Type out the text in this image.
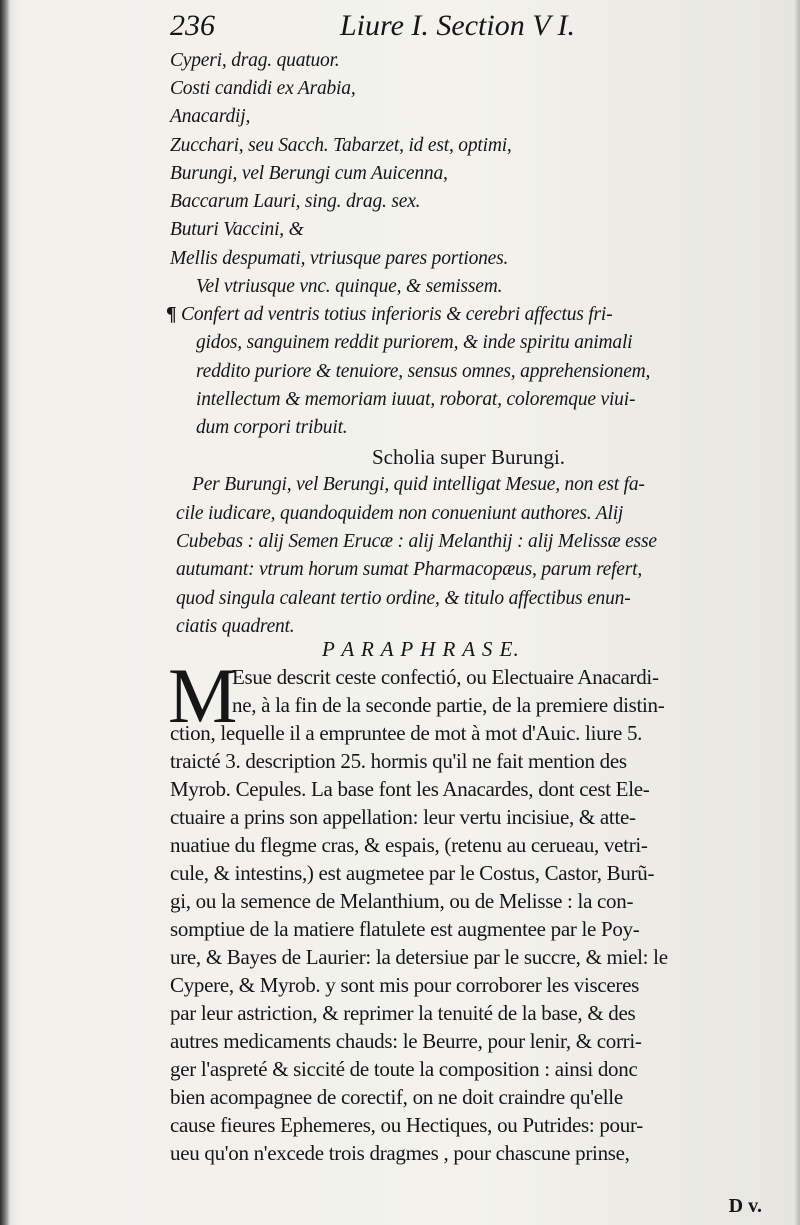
236	Liure I. Section V I.
Cyperi, drag. quatuor.
Costi candidi ex Arabia,
Anacardij,
Zucchari, seu Sacch. Tabarzet, id est, optimi,
Burungi, vel Berungi cum Auicenna,
Baccarum Lauri, sing. drag. sex.
Buturi Vaccini, &
Mellis despumati, vtriusque pares portiones.
Vel vtriusque vnc. quinque, & semissem.
¶ Confert ad ventris totius inferioris & cerebri affectus fri-
gidos, sanguinem reddit puriorem, & inde spiritu animali
reddito puriore & tenuiore, sensus omnes, apprehensionem,
intellectum & memoriam iuuat, roborat, coloremque viui-
dum corpori tribuit.
Scholia super Burungi.
Per Burungi, vel Berungi, quid intelligat Mesue, non est fa-
cile iudicare, quandoquidem non conueniunt authores. Alij
Cubebas : alij Semen Erucæ : alij Melanthij : alij Melissæ esse
autumant: vtrum horum sumat Pharmacopæus, parum refert,
quod singula caleant tertio ordine, & titulo affectibus enun-
ciatis quadrent.
P A R A P H R A S E.
M
Esue descrit ceste confectió, ou Electuaire Anacardi-
ne, à la fin de la seconde partie, de la premiere distin-
ction, lequelle il a empruntee de mot à mot d'Auic. liure 5.
traicté 3. description 25. hormis qu'il ne fait mention des
Myrob. Cepules. La base font les Anacardes, dont cest Ele-
ctuaire a prins son appellation: leur vertu incisiue, & atte-
nuatiue du flegme cras, & espais, (retenu au cerueau, vetri-
cule, & intestins,) est augmetee par le Costus, Castor, Burũ-
gi, ou la semence de Melanthium, ou de Melisse : la con-
somptiue de la matiere flatulete est augmentee par le Poy-
ure, & Bayes de Laurier: la detersiue par le succre, & miel: le
Cypere, & Myrob. y sont mis pour corroborer les visceres
par leur astriction, & reprimer la tenuité de la base, & des
autres medicaments chauds: le Beurre, pour lenir, & corri-
ger l'aspreté & siccité de toute la composition : ainsi donc
bien acompagnee de corectif, on ne doit craindre qu'elle
cause fieures Ephemeres, ou Hectiques, ou Putrides: pour-
ueu qu'on n'excede trois dragmes , pour chascune prinse,
D v.
